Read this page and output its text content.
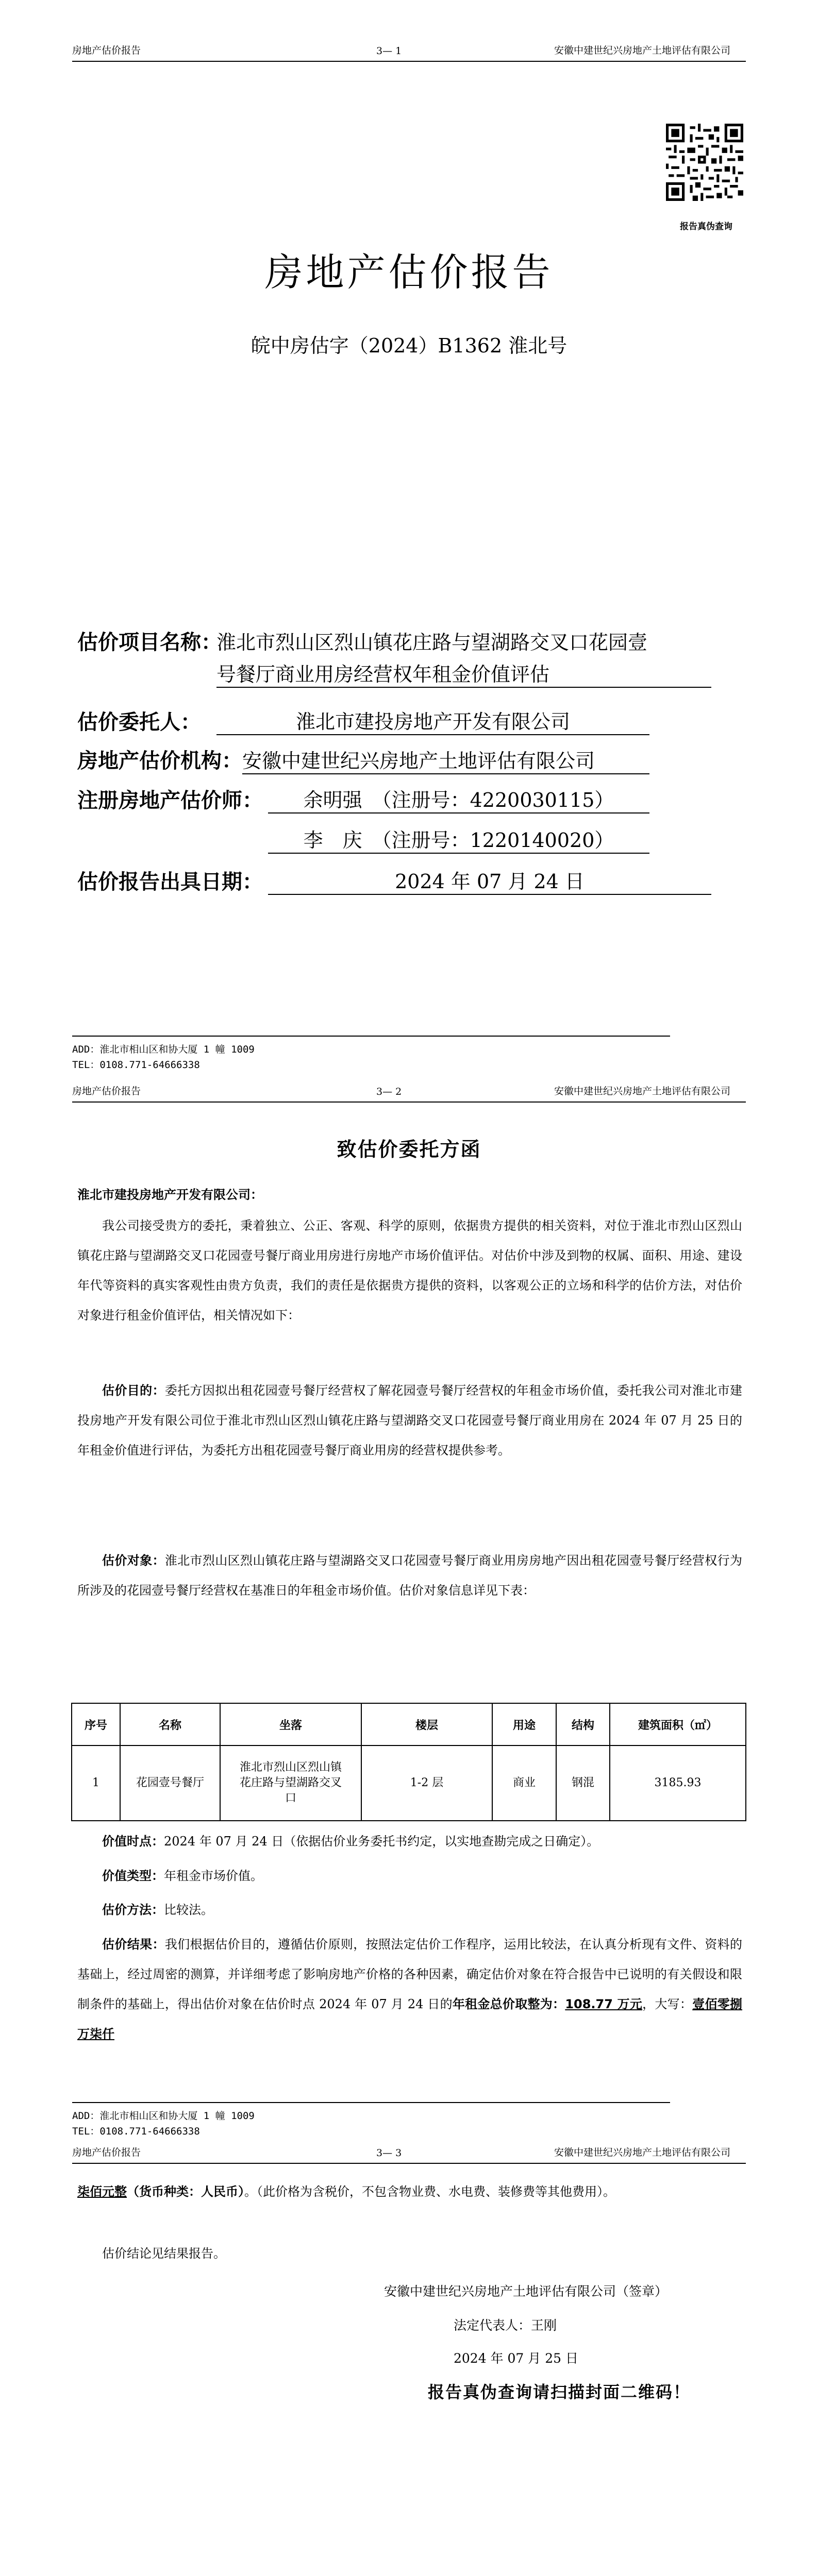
房地产估价报告	3— 1	安徽中建世纪兴房地产土地评估有限公司
报告真伪查询
房地产估价报告
皖中房估字（2024）B1362 淮北号
估价项目名称：
淮北市烈山区烈山镇花庄路与望湖路交叉口花园壹
号餐厅商业用房经营权年租金价值评估
估价委托人：	淮北市建投房地产开发有限公司
房地产估价机构： 安徽中建世纪兴房地产土地评估有限公司
注册房地产估价师：	余明强　（注册号：4220030115）
李　庆　（注册号：1220140020）
估价报告出具日期：	2024 年 07 月 24 日
ADD：淮北市相山区和协大厦 1 幢 1009
TEL：0108.771-64666338
房地产估价报告	3— 2	安徽中建世纪兴房地产土地评估有限公司
致估价委托方函
淮北市建投房地产开发有限公司：
我公司接受贵方的委托，秉着独立、公正、客观、科学的原则，依据贵方提供的相关资料，对位于淮北市烈山区烈山镇花庄路与望湖路交叉口花园壹号餐厅商业用房进行房地产市场价值评估。对估价中涉及到物的权属、面积、用途、建设年代等资料的真实客观性由贵方负责，我们的责任是依据贵方提供的资料，以客观公正的立场和科学的估价方法，对估价对象进行租金价值评估，相关情况如下：
估价目的：委托方因拟出租花园壹号餐厅经营权了解花园壹号餐厅经营权的年租金市场价值，委托我公司对淮北市建投房地产开发有限公司位于淮北市烈山区烈山镇花庄路与望湖路交叉口花园壹号餐厅商业用房在 2024 年 07 月 25 日的年租金价值进行评估，为委托方出租花园壹号餐厅商业用房的经营权提供参考。
估价对象：淮北市烈山区烈山镇花庄路与望湖路交叉口花园壹号餐厅商业用房房地产因出租花园壹号餐厅经营权行为所涉及的花园壹号餐厅经营权在基准日的年租金市场价值。估价对象信息详见下表：
序号	名称	坐落	楼层	用途	结构	建筑面积（㎡）
1	花园壹号餐厅	淮北市烈山区烈山镇花庄路与望湖路交叉口	1-2 层	商业	钢混	3185.93
价值时点：2024 年 07 月 24 日（依据估价业务委托书约定，以实地查勘完成之日确定）。
价值类型：年租金市场价值。
估价方法：比较法。
估价结果：我们根据估价目的，遵循估价原则，按照法定估价工作程序，运用比较法，在认真分析现有文件、资料的基础上，经过周密的测算，并详细考虑了影响房地产价格的各种因素，确定估价对象在符合报告中已说明的有关假设和限制条件的基础上，得出估价对象在估价时点 2024 年 07 月 24 日的年租金总价取整为：108.77 万元，大写：壹佰零捌万柒仟
ADD：淮北市相山区和协大厦 1 幢 1009
TEL：0108.771-64666338
房地产估价报告	3— 3	安徽中建世纪兴房地产土地评估有限公司
柒佰元整（货币种类：人民币）。（此价格为含税价，不包含物业费、水电费、装修费等其他费用）。
估价结论见结果报告。
安徽中建世纪兴房地产土地评估有限公司（签章）
法定代表人：王刚
2024 年 07 月 25 日
报告真伪查询请扫描封面二维码！
